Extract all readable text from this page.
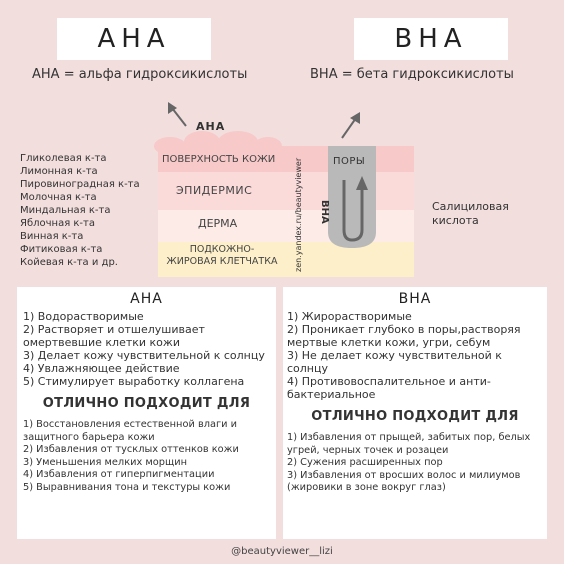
АНА	ВНА
АНА = альфа гидроксикислоты	ВНА = бета гидроксикислоты
Гликолевая к-та
Лимонная к-та
Пировиноградная к-та
Молочная к-та
Миндальная к-та
Яблочная к-та
Винная к-та
Фитиковая к-та
Койевая к-та и др.
АНА
ПОВЕРХНОСТЬ КОЖИ
ЭПИДЕРМИС
ДЕРМА
ПОДКОЖНО-
ЖИРОВАЯ КЛЕТЧАТКА
ПОРЫ
ВНА
zen.yandex.ru/beautyviewer	Салициловая кислота
АНА
1) Водорастворимые
2) Растворяет и отшелушивает омертвевшие клетки кожи
3) Делает кожу чувствительной к солнцу
4) Увлажняющее действие
5) Стимулирует выработку коллагена
ОТЛИЧНО ПОДХОДИТ ДЛЯ
1) Восстановления естественной влаги и защитного барьера кожи
2) Избавления от тусклых оттенков кожи
3) Уменьшения мелких морщин
4) Избавления от гиперпигментации
5) Выравнивания тона и текстуры кожи
ВНА
1) Жирорастворимые
2) Проникает глубоко в поры,растворяя мертвые клетки кожи, угри, себум
3) Не делает кожу чувствительной к солнцу
4) Противовоспалительное и анти-бактериальное
ОТЛИЧНО ПОДХОДИТ ДЛЯ
1) Избавления от прыщей, забитых пор, белых угрей, черных точек и розацеи
2) Сужения расширенных пор
3) Избавления от вросших волос и милиумов (жировики в зоне вокруг глаз)
@beautyviewer__lizi
